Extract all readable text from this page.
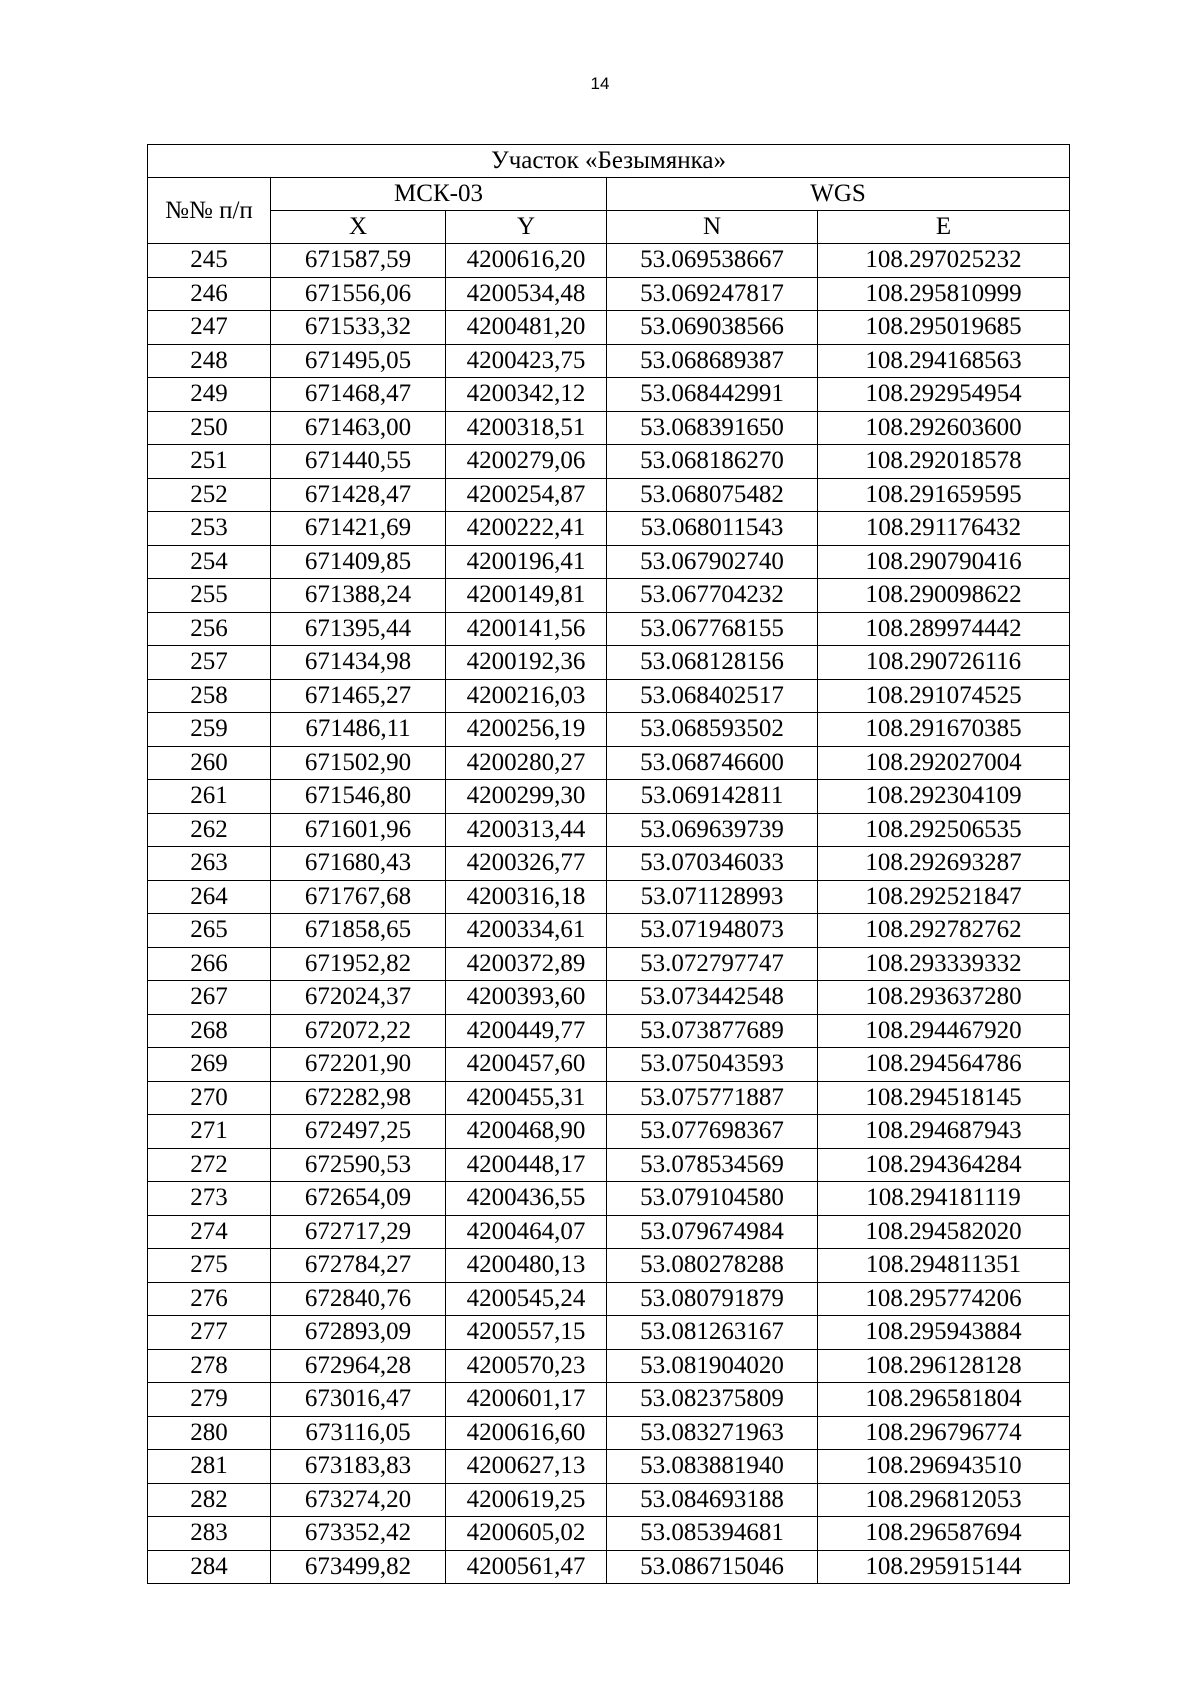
14
Участок «Безымянка»				
№№ п/п	МСК-03		WGS	
	X	Y	N	E
245	671587,59	4200616,20	53.069538667	108.297025232
246	671556,06	4200534,48	53.069247817	108.295810999
247	671533,32	4200481,20	53.069038566	108.295019685
248	671495,05	4200423,75	53.068689387	108.294168563
249	671468,47	4200342,12	53.068442991	108.292954954
250	671463,00	4200318,51	53.068391650	108.292603600
251	671440,55	4200279,06	53.068186270	108.292018578
252	671428,47	4200254,87	53.068075482	108.291659595
253	671421,69	4200222,41	53.068011543	108.291176432
254	671409,85	4200196,41	53.067902740	108.290790416
255	671388,24	4200149,81	53.067704232	108.290098622
256	671395,44	4200141,56	53.067768155	108.289974442
257	671434,98	4200192,36	53.068128156	108.290726116
258	671465,27	4200216,03	53.068402517	108.291074525
259	671486,11	4200256,19	53.068593502	108.291670385
260	671502,90	4200280,27	53.068746600	108.292027004
261	671546,80	4200299,30	53.069142811	108.292304109
262	671601,96	4200313,44	53.069639739	108.292506535
263	671680,43	4200326,77	53.070346033	108.292693287
264	671767,68	4200316,18	53.071128993	108.292521847
265	671858,65	4200334,61	53.071948073	108.292782762
266	671952,82	4200372,89	53.072797747	108.293339332
267	672024,37	4200393,60	53.073442548	108.293637280
268	672072,22	4200449,77	53.073877689	108.294467920
269	672201,90	4200457,60	53.075043593	108.294564786
270	672282,98	4200455,31	53.075771887	108.294518145
271	672497,25	4200468,90	53.077698367	108.294687943
272	672590,53	4200448,17	53.078534569	108.294364284
273	672654,09	4200436,55	53.079104580	108.294181119
274	672717,29	4200464,07	53.079674984	108.294582020
275	672784,27	4200480,13	53.080278288	108.294811351
276	672840,76	4200545,24	53.080791879	108.295774206
277	672893,09	4200557,15	53.081263167	108.295943884
278	672964,28	4200570,23	53.081904020	108.296128128
279	673016,47	4200601,17	53.082375809	108.296581804
280	673116,05	4200616,60	53.083271963	108.296796774
281	673183,83	4200627,13	53.083881940	108.296943510
282	673274,20	4200619,25	53.084693188	108.296812053
283	673352,42	4200605,02	53.085394681	108.296587694
284	673499,82	4200561,47	53.086715046	108.295915144
